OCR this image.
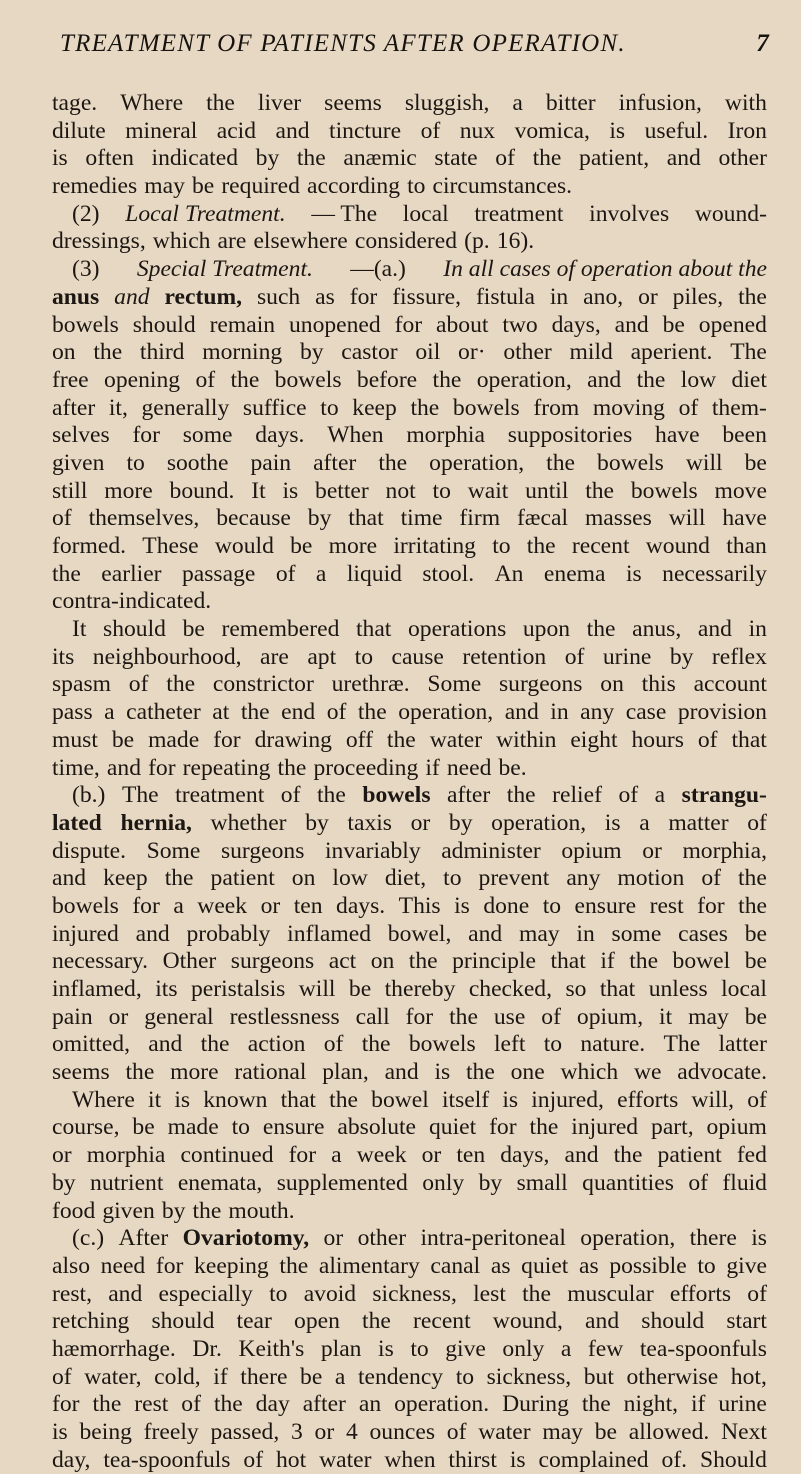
TREATMENT OF PATIENTS AFTER OPERATION.	7
tage. Where the liver seems sluggish, a bitter infusion, with
dilute mineral acid and tincture of nux vomica, is useful. Iron
is often indicated by the anæmic state of the patient, and other
remedies may be required according to circumstances.
(2) Local Treatment. — The local treatment involves wound-
dressings, which are elsewhere considered (p. 16).
(3) Special Treatment. —(a.) In all cases of operation about the
anus and rectum, such as for fissure, fistula in ano, or piles, the
bowels should remain unopened for about two days, and be opened
on the third morning by castor oil or· other mild aperient. The
free opening of the bowels before the operation, and the low diet
after it, generally suffice to keep the bowels from moving of them-
selves for some days. When morphia suppositories have been
given to soothe pain after the operation, the bowels will be
still more bound. It is better not to wait until the bowels move
of themselves, because by that time firm fæcal masses will have
formed. These would be more irritating to the recent wound than
the earlier passage of a liquid stool. An enema is necessarily
contra-indicated.
It should be remembered that operations upon the anus, and in
its neighbourhood, are apt to cause retention of urine by reflex
spasm of the constrictor urethræ. Some surgeons on this account
pass a catheter at the end of the operation, and in any case provision
must be made for drawing off the water within eight hours of that
time, and for repeating the proceeding if need be.
(b.) The treatment of the bowels after the relief of a strangu-
lated hernia, whether by taxis or by operation, is a matter of
dispute. Some surgeons invariably administer opium or morphia,
and keep the patient on low diet, to prevent any motion of the
bowels for a week or ten days. This is done to ensure rest for the
injured and probably inflamed bowel, and may in some cases be
necessary. Other surgeons act on the principle that if the bowel be
inflamed, its peristalsis will be thereby checked, so that unless local
pain or general restlessness call for the use of opium, it may be
omitted, and the action of the bowels left to nature. The latter
seems the more rational plan, and is the one which we advocate.
Where it is known that the bowel itself is injured, efforts will, of
course, be made to ensure absolute quiet for the injured part, opium
or morphia continued for a week or ten days, and the patient fed
by nutrient enemata, supplemented only by small quantities of fluid
food given by the mouth.
(c.) After Ovariotomy, or other intra-peritoneal operation, there is
also need for keeping the alimentary canal as quiet as possible to give
rest, and especially to avoid sickness, lest the muscular efforts of
retching should tear open the recent wound, and should start
hæmorrhage. Dr. Keith's plan is to give only a few tea-spoonfuls
of water, cold, if there be a tendency to sickness, but otherwise hot,
for the rest of the day after an operation. During the night, if urine
is being freely passed, 3 or 4 ounces of water may be allowed. Next
day, tea-spoonfuls of hot water when thirst is complained of. Should
